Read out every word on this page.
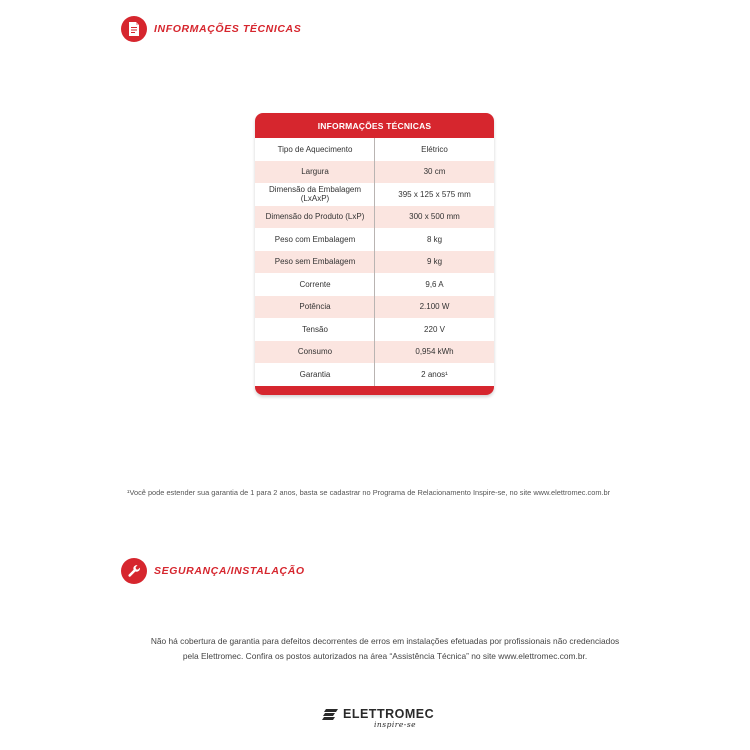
INFORMAÇÕES TÉCNICAS
INFORMAÇÕES TÉCNICAS
Tipo de Aquecimento	Elétrico
Largura	30 cm
Dimensão da Embalagem (LxAxP)	395 x 125 x 575 mm
Dimensão do Produto (LxP)	300 x 500 mm
Peso com Embalagem	8 kg
Peso sem Embalagem	9 kg
Corrente	9,6 A
Potência	2.100 W
Tensão	220 V
Consumo	0,954 kWh
Garantia	2 anos¹
¹Você pode estender sua garantia de 1 para 2 anos, basta se cadastrar no Programa de Relacionamento Inspire-se, no site www.elettromec.com.br
SEGURANÇA/INSTALAÇÃO
Não há cobertura de garantia para defeitos decorrentes de erros em instalações efetuadas por profissionais não credenciados pela Elettromec. Confira os postos autorizados na área “Assistência Técnica” no site www.elettromec.com.br.
ELETTROMEC
inspire-se
